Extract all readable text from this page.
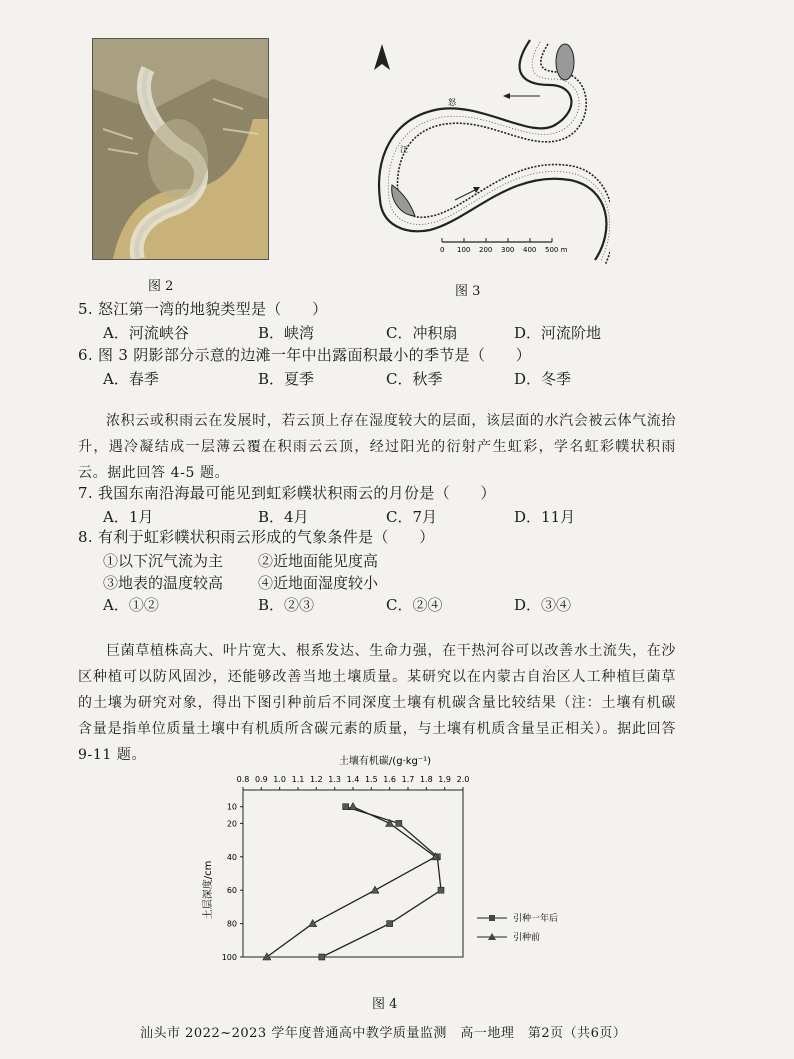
图 2
怒
江
0 100 200 300 400 500 m
图 3
5. 怒江第一湾的地貌类型是（　　）
A．河流峡谷	B．峡湾	C．冲积扇	D．河流阶地
6. 图 3 阴影部分示意的边滩一年中出露面积最小的季节是（　　）
A．春季	B．夏季	C．秋季	D．冬季
浓积云或积雨云在发展时，若云顶上存在湿度较大的层面，该层面的水汽会被云体气流抬升，遇冷凝结成一层薄云覆在积雨云云顶，经过阳光的衍射产生虹彩，学名虹彩幞状积雨云。据此回答 4-5 题。
7. 我国东南沿海最可能见到虹彩幞状积雨云的月份是（　　）
A．1月	B．4月	C．7月	D．11月
8. 有利于虹彩幞状积雨云形成的气象条件是（　　）
①以下沉气流为主 ②近地面能见度高
③地表的温度较高 ④近地面湿度较小
A．①②	B．②③	C．②④	D．③④
巨菌草植株高大、叶片宽大、根系发达、生命力强，在干热河谷可以改善水土流失，在沙区种植可以防风固沙，还能够改善当地土壤质量。某研究以在内蒙古自治区人工种植巨菌草的土壤为研究对象，得出下图引种前后不同深度土壤有机碳含量比较结果（注：土壤有机碳含量是指单位质量土壤中有机质所含碳元素的质量，与土壤有机质含量呈正相关）。据此回答 9-11 题。	土壤有机碳/(g·kg⁻¹)
0.8 0.9 1.0 1.1 1.2 1.3 1.4 1.5 1.6 1.7 1.8 1.9 2.0
10
20
40
60
80
100
土层深度/cm	引种一年后
引种前
图 4
汕头市 2022~2023 学年度普通高中教学质量监测　高一地理　第2页（共6页）
